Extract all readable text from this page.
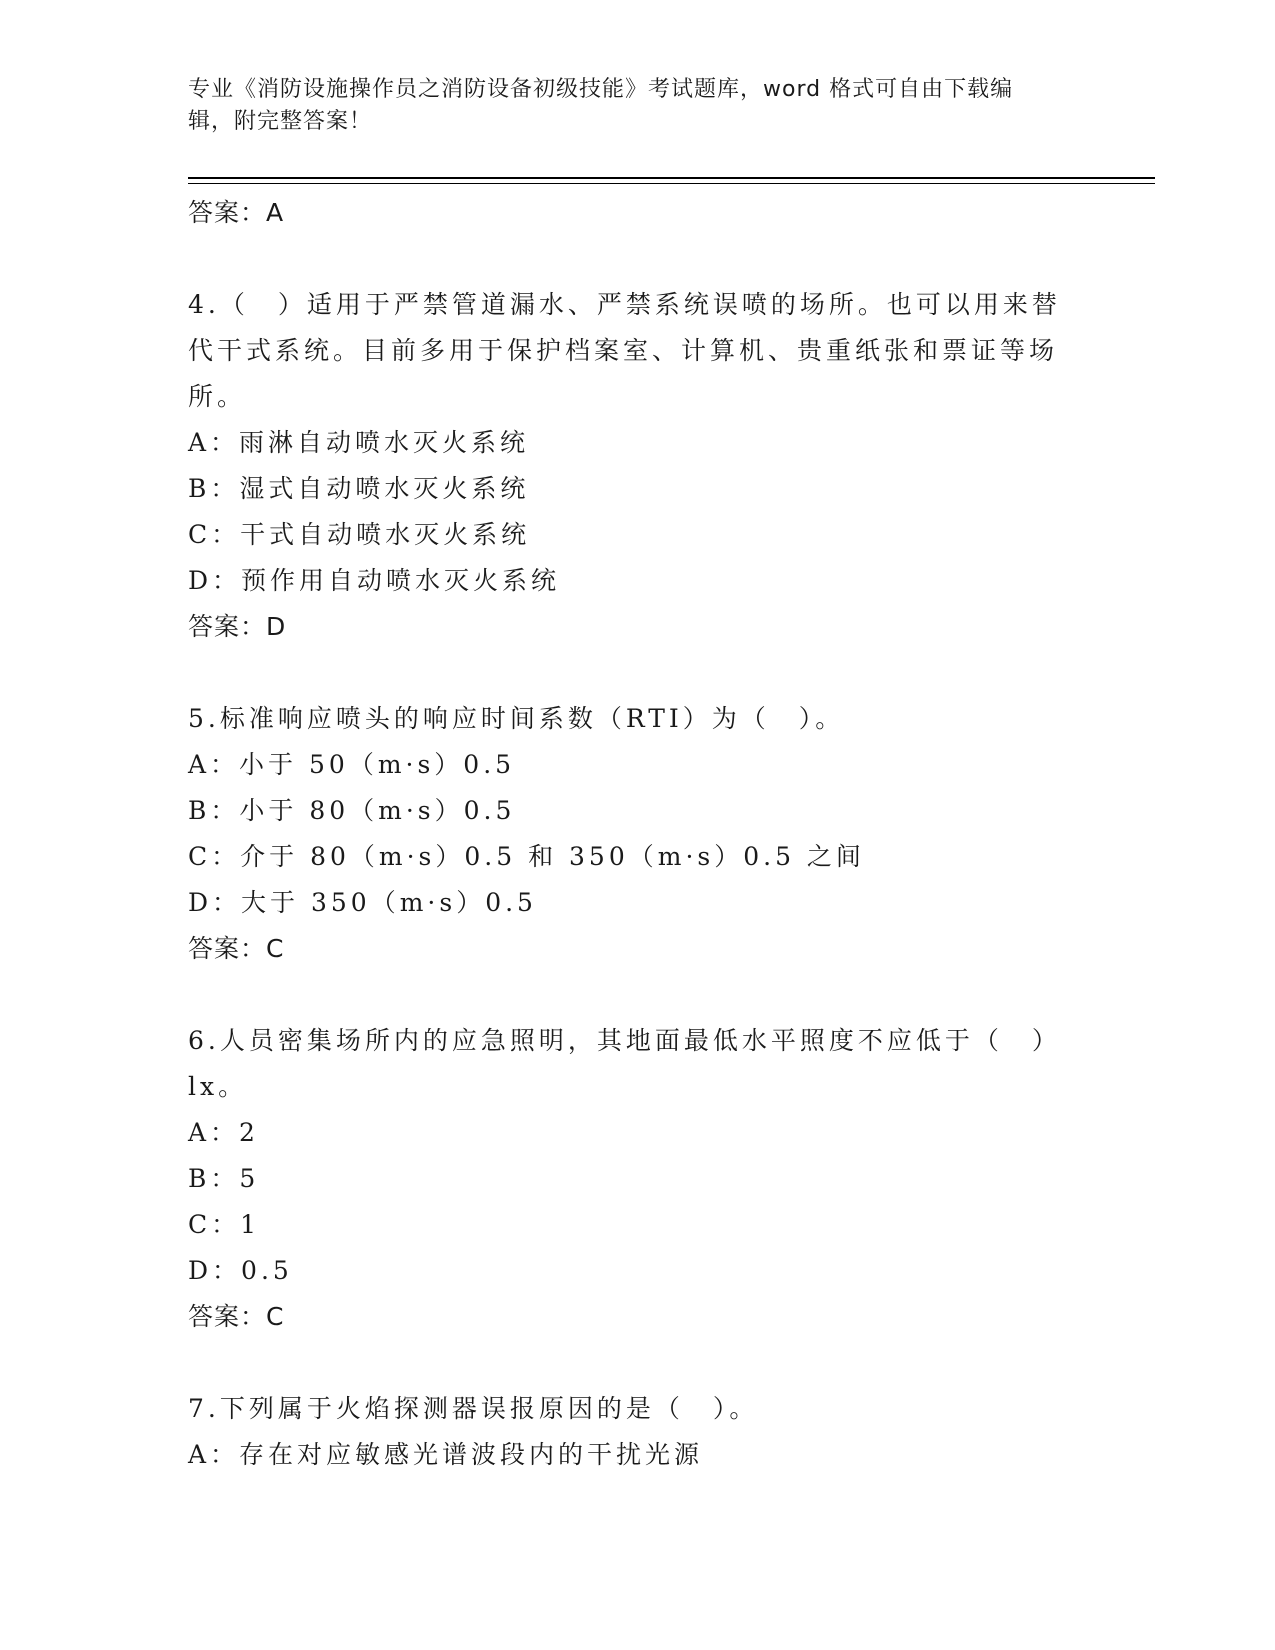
专业《消防设施操作员之消防设备初级技能》考试题库，word 格式可自由下载编
辑，附完整答案！
答案：A
4.（　）适用于严禁管道漏水、严禁系统误喷的场所。也可以用来替代干式系统。目前多用于保护档案室、计算机、贵重纸张和票证等场所。
A：雨淋自动喷水灭火系统
B：湿式自动喷水灭火系统
C：干式自动喷水灭火系统
D：预作用自动喷水灭火系统
答案：D
5.标准响应喷头的响应时间系数（RTI）为（　）。
A：小于 50（m·s）0.5
B：小于 80（m·s）0.5
C：介于 80（m·s）0.5 和 350（m·s）0.5 之间
D：大于 350（m·s）0.5
答案：C
6.人员密集场所内的应急照明，其地面最低水平照度不应低于（　）lx。
A：2
B：5
C：1
D：0.5
答案：C
7.下列属于火焰探测器误报原因的是（　）。
A：存在对应敏感光谱波段内的干扰光源
